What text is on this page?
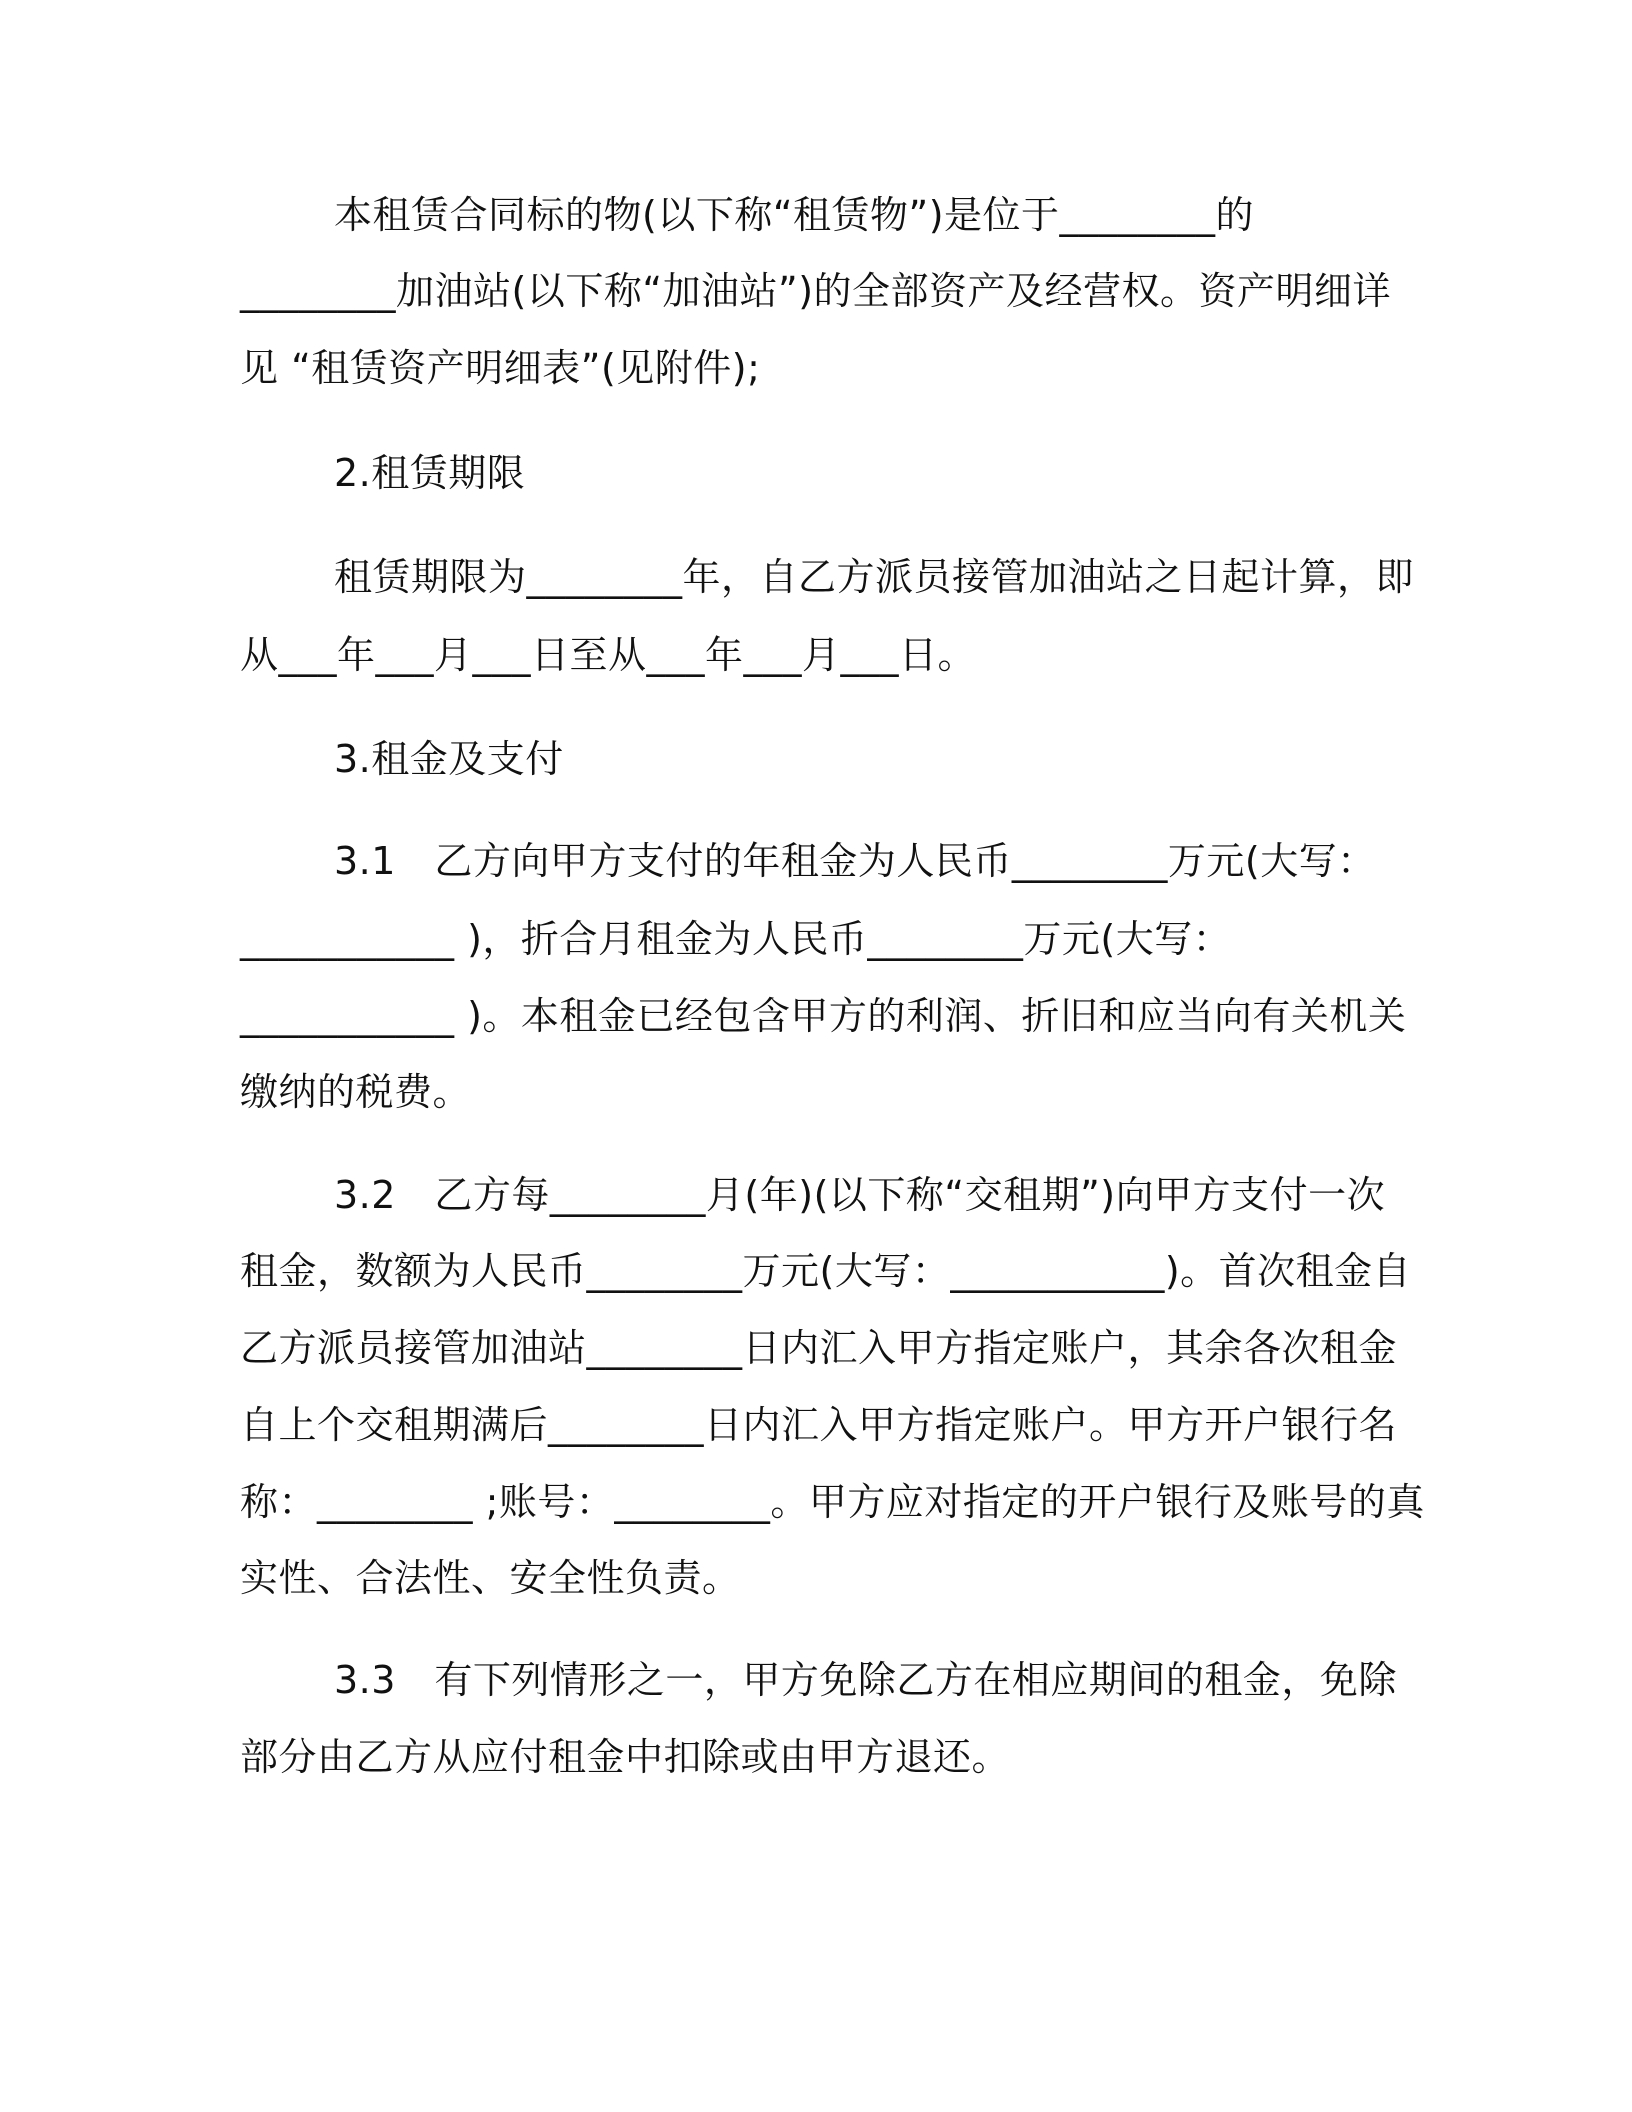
本租赁合同标的物(以下称“租赁物”)是位于________的
________加油站(以下称“加油站”)的全部资产及经营权。资产明细详
见 “租赁资产明细表”(见附件);
2.租赁期限
租赁期限为________年，自乙方派员接管加油站之日起计算，即
从___年___月___日至从___年___月___日。
3.租金及支付
3.1　乙方向甲方支付的年租金为人民币________万元(大写：
___________ )，折合月租金为人民币________万元(大写：
___________ )。本租金已经包含甲方的利润、折旧和应当向有关机关
缴纳的税费。
3.2　乙方每________月(年)(以下称“交租期”)向甲方支付一次
租金，数额为人民币________万元(大写：___________)。首次租金自
乙方派员接管加油站________日内汇入甲方指定账户，其余各次租金
自上个交租期满后________日内汇入甲方指定账户。甲方开户银行名
称：________ ;账号：________。甲方应对指定的开户银行及账号的真
实性、合法性、安全性负责。
3.3　有下列情形之一，甲方免除乙方在相应期间的租金，免除
部分由乙方从应付租金中扣除或由甲方退还。
